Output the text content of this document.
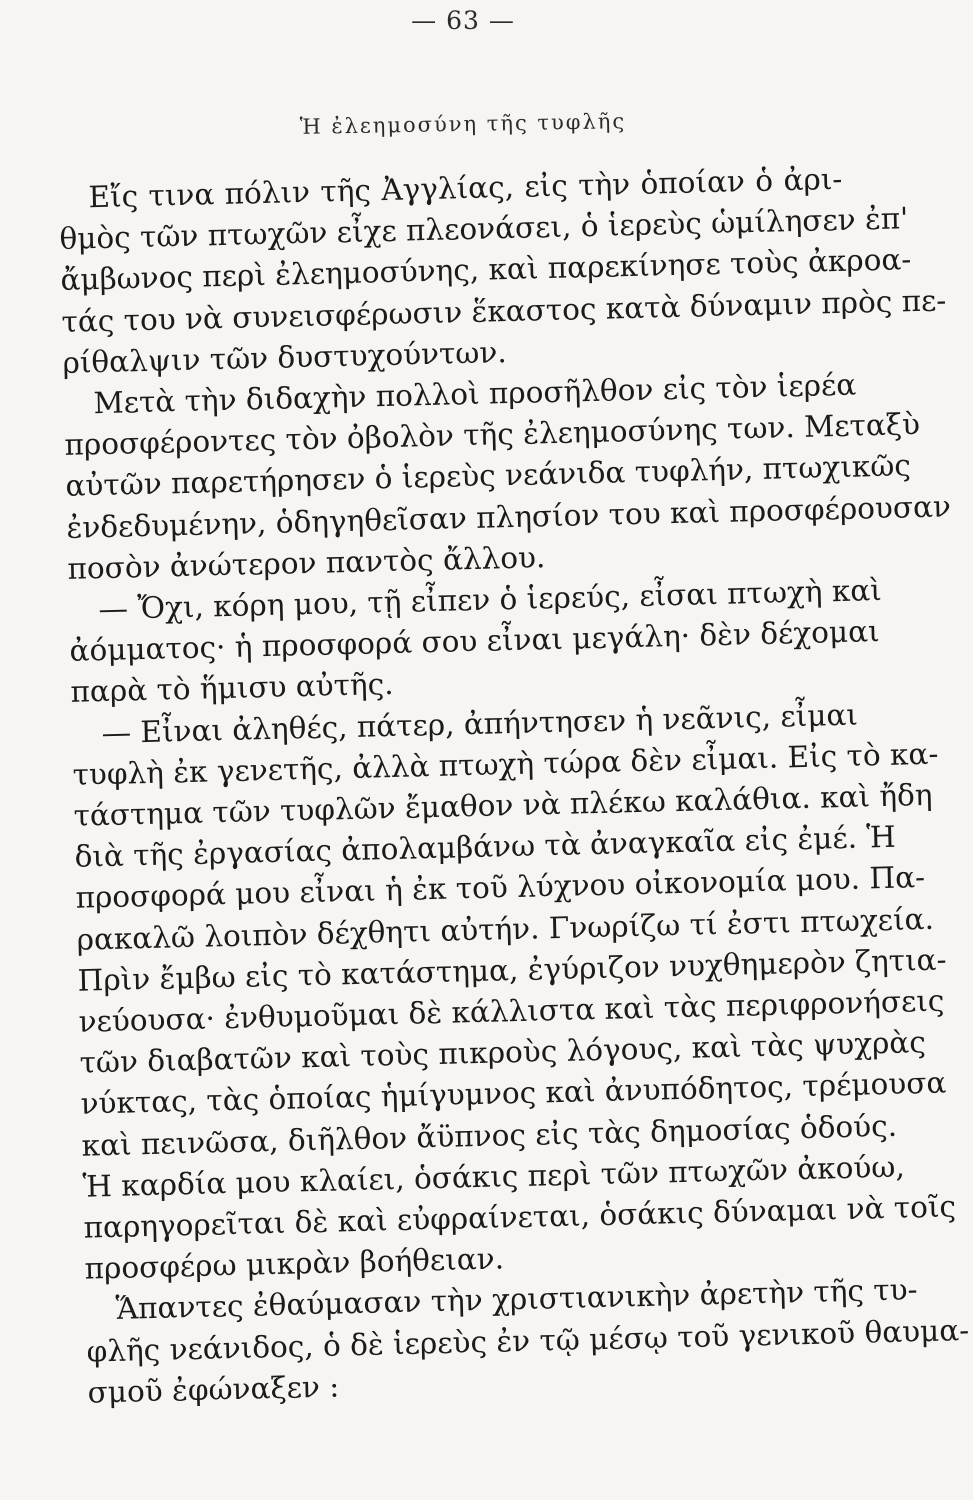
— 63 —
Ἡ ἐλεημοσύνη τῆς τυφλῆς
Εἴς τινα πόλιν τῆς Ἀγγλίας, εἰς τὴν ὁποίαν ὁ ἀρι-
θμὸς τῶν πτωχῶν εἶχε πλεονάσει, ὁ ἱερεὺς ὡμίλησεν ἐπ'
ἄμβωνος περὶ ἐλεημοσύνης, καὶ παρεκίνησε τοὺς ἀκροα-
τάς του νὰ συνεισφέρωσιν ἕκαστος κατὰ δύναμιν πρὸς πε-
ρίθαλψιν τῶν δυστυχούντων.
Μετὰ τὴν διδαχὴν πολλοὶ προσῆλθον εἰς τὸν ἱερέα
προσφέροντες τὸν ὀβολὸν τῆς ἐλεημοσύνης των. Μεταξὺ
αὐτῶν παρετήρησεν ὁ ἱερεὺς νεάνιδα τυφλήν, πτωχικῶς
ἐνδεδυμένην, ὁδηγηθεῖσαν πλησίον του καὶ προσφέρουσαν
ποσὸν ἀνώτερον παντὸς ἄλλου.
— Ὄχι, κόρη μου, τῇ εἶπεν ὁ ἱερεύς, εἶσαι πτωχὴ καὶ
ἀόμματος· ἡ προσφορά σου εἶναι μεγάλη· δὲν δέχομαι
παρὰ τὸ ἥμισυ αὐτῆς.
— Εἶναι ἀληθές, πάτερ, ἀπήντησεν ἡ νεᾶνις, εἶμαι
τυφλὴ ἐκ γενετῆς, ἀλλὰ πτωχὴ τώρα δὲν εἶμαι. Εἰς τὸ κα-
τάστημα τῶν τυφλῶν ἔμαθον νὰ πλέκω καλάθια. καὶ ἤδη
διὰ τῆς ἐργασίας ἀπολαμβάνω τὰ ἀναγκαῖα εἰς ἐμέ. Ἡ
προσφορά μου εἶναι ἡ ἐκ τοῦ λύχνου οἰκονομία μου. Πα-
ρακαλῶ λοιπὸν δέχθητι αὐτήν. Γνωρίζω τί ἐστι πτωχεία.
Πρὶν ἔμβω εἰς τὸ κατάστημα, ἐγύριζον νυχθημερὸν ζητια-
νεύουσα· ἐνθυμοῦμαι δὲ κάλλιστα καὶ τὰς περιφρονήσεις
τῶν διαβατῶν καὶ τοὺς πικροὺς λόγους, καὶ τὰς ψυχρὰς
νύκτας, τὰς ὁποίας ἡμίγυμνος καὶ ἀνυπόδητος, τρέμουσα
καὶ πεινῶσα, διῆλθον ἄϋπνος εἰς τὰς δημοσίας ὁδούς.
Ἡ καρδία μου κλαίει, ὁσάκις περὶ τῶν πτωχῶν ἀκούω,
παρηγορεῖται δὲ καὶ εὐφραίνεται, ὁσάκις δύναμαι νὰ τοῖς
προσφέρω μικρὰν βοήθειαν.
Ἅπαντες ἐθαύμασαν τὴν χριστιανικὴν ἀρετὴν τῆς τυ-
φλῆς νεάνιδος, ὁ δὲ ἱερεὺς ἐν τῷ μέσῳ τοῦ γενικοῦ θαυμα-
σμοῦ ἐφώναξεν :
